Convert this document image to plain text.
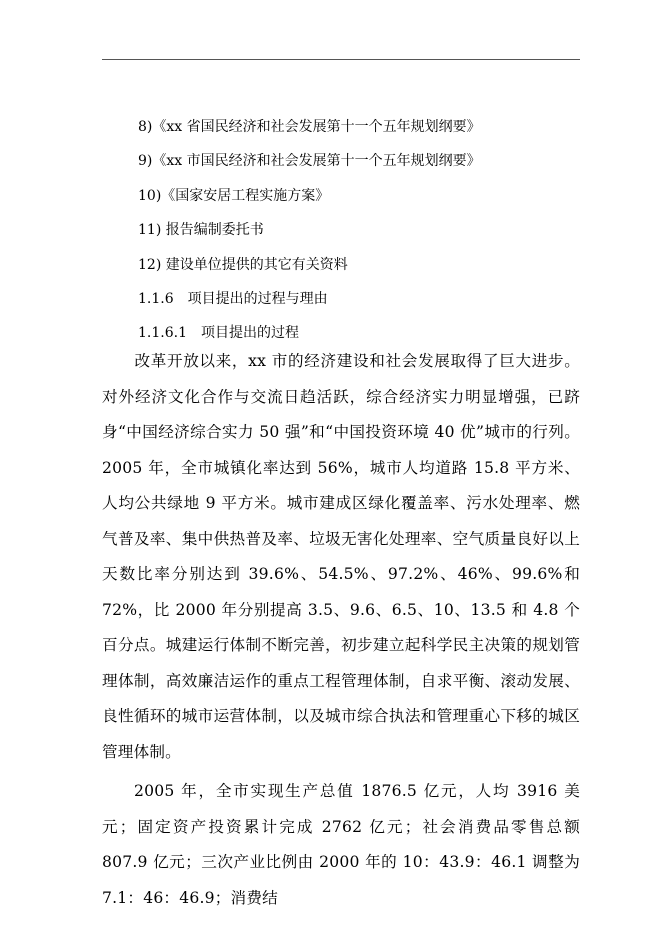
8)《xx 省国民经济和社会发展第十一个五年规划纲要》
9)《xx 市国民经济和社会发展第十一个五年规划纲要》
10)《国家安居工程实施方案》
11) 报告编制委托书
12) 建设单位提供的其它有关资料
1.1.6 项目提出的过程与理由
1.1.6.1 项目提出的过程

改革开放以来，xx 市的经济建设和社会发展取得了巨大进步。对外经济文化合作与交流日趋活跃，综合经济实力明显增强，已跻身“中国经济综合实力 50 强”和“中国投资环境 40 优”城市的行列。2005 年，全市城镇化率达到 56%，城市人均道路 15.8 平方米、人均公共绿地 9 平方米。城市建成区绿化覆盖率、污水处理率、燃气普及率、集中供热普及率、垃圾无害化处理率、空气质量良好以上天数比率分别达到 39.6%、54.5%、97.2%、46%、99.6%和 72%，比 2000 年分别提高 3.5、9.6、6.5、10、13.5 和 4.8 个百分点。城建运行体制不断完善，初步建立起科学民主决策的规划管理体制，高效廉洁运作的重点工程管理体制，自求平衡、滚动发展、良性循环的城市运营体制，以及城市综合执法和管理重心下移的城区管理体制。

2005 年，全市实现生产总值 1876.5 亿元，人均 3916 美元；固定资产投资累计完成 2762 亿元；社会消费品零售总额 807.9 亿元；三次产业比例由 2000 年的 10：43.9：46.1 调整为 7.1：46：46.9；消费结
